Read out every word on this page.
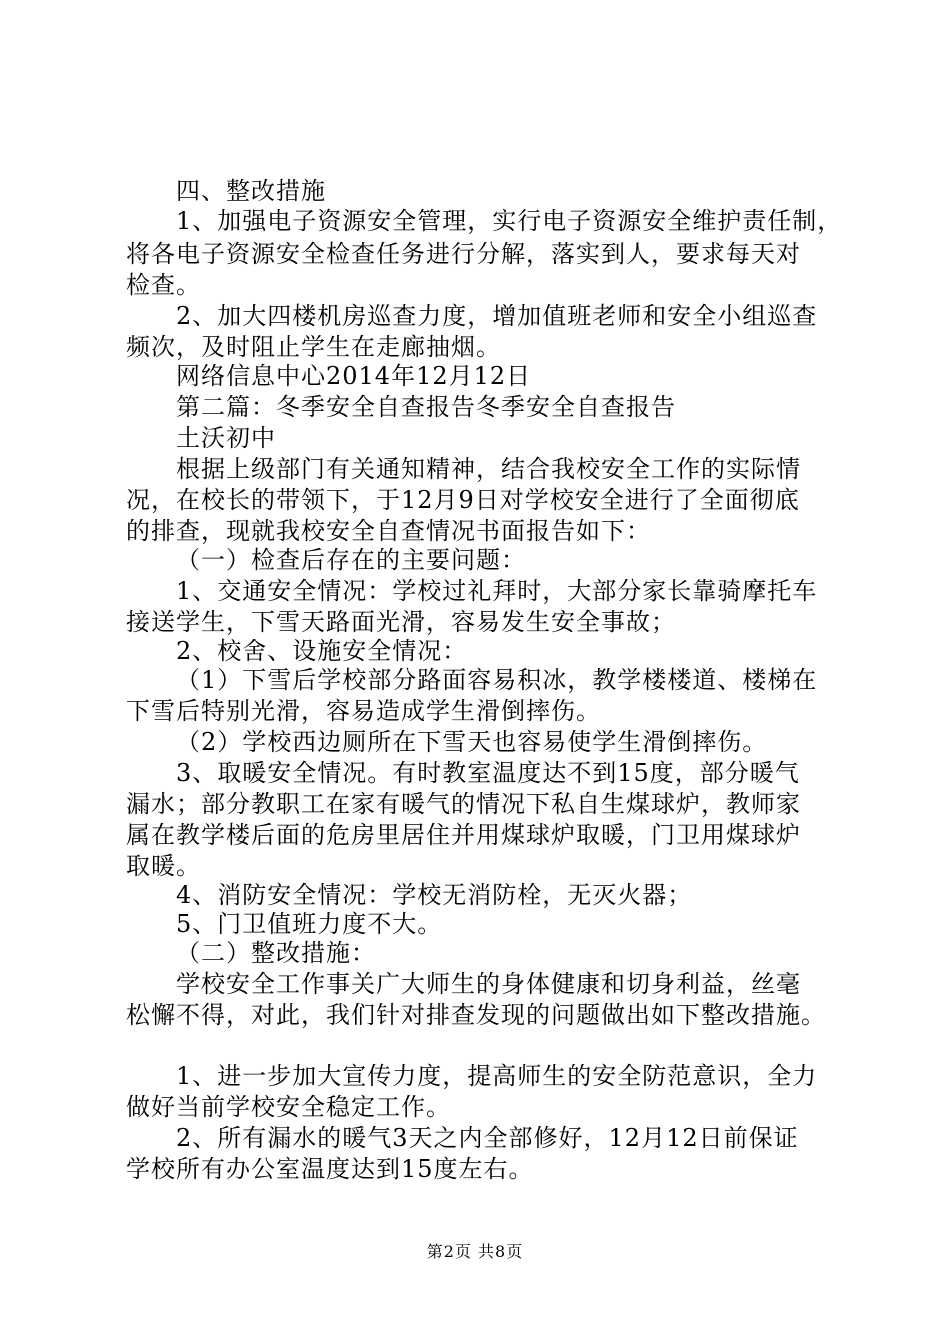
四、整改措施
1、加强电子资源安全管理，实行电子资源安全维护责任制，
将各电子资源安全检查任务进行分解，落实到人，要求每天对
检查。
2、加大四楼机房巡查力度，增加值班老师和安全小组巡查
频次，及时阻止学生在走廊抽烟。
网络信息中心2014年12月12日
第二篇：冬季安全自查报告冬季安全自查报告
土沃初中
根据上级部门有关通知精神，结合我校安全工作的实际情
况，在校长的带领下，于12月9日对学校安全进行了全面彻底
的排查，现就我校安全自查情况书面报告如下：
（一）检查后存在的主要问题：
1、交通安全情况：学校过礼拜时，大部分家长靠骑摩托车
接送学生，下雪天路面光滑，容易发生安全事故；
2、校舍、设施安全情况：
（1）下雪后学校部分路面容易积冰，教学楼楼道、楼梯在
下雪后特别光滑，容易造成学生滑倒摔伤。
（2）学校西边厕所在下雪天也容易使学生滑倒摔伤。
3、取暖安全情况。有时教室温度达不到15度，部分暖气
漏水；部分教职工在家有暖气的情况下私自生煤球炉，教师家
属在教学楼后面的危房里居住并用煤球炉取暖，门卫用煤球炉
取暖。
4、消防安全情况：学校无消防栓，无灭火器；
5、门卫值班力度不大。
（二）整改措施：
学校安全工作事关广大师生的身体健康和切身利益，丝毫
松懈不得，对此，我们针对排查发现的问题做出如下整改措施。
1、进一步加大宣传力度，提高师生的安全防范意识，全力
做好当前学校安全稳定工作。
2、所有漏水的暖气3天之内全部修好，12月12日前保证
学校所有办公室温度达到15度左右。
第2页 共8页
